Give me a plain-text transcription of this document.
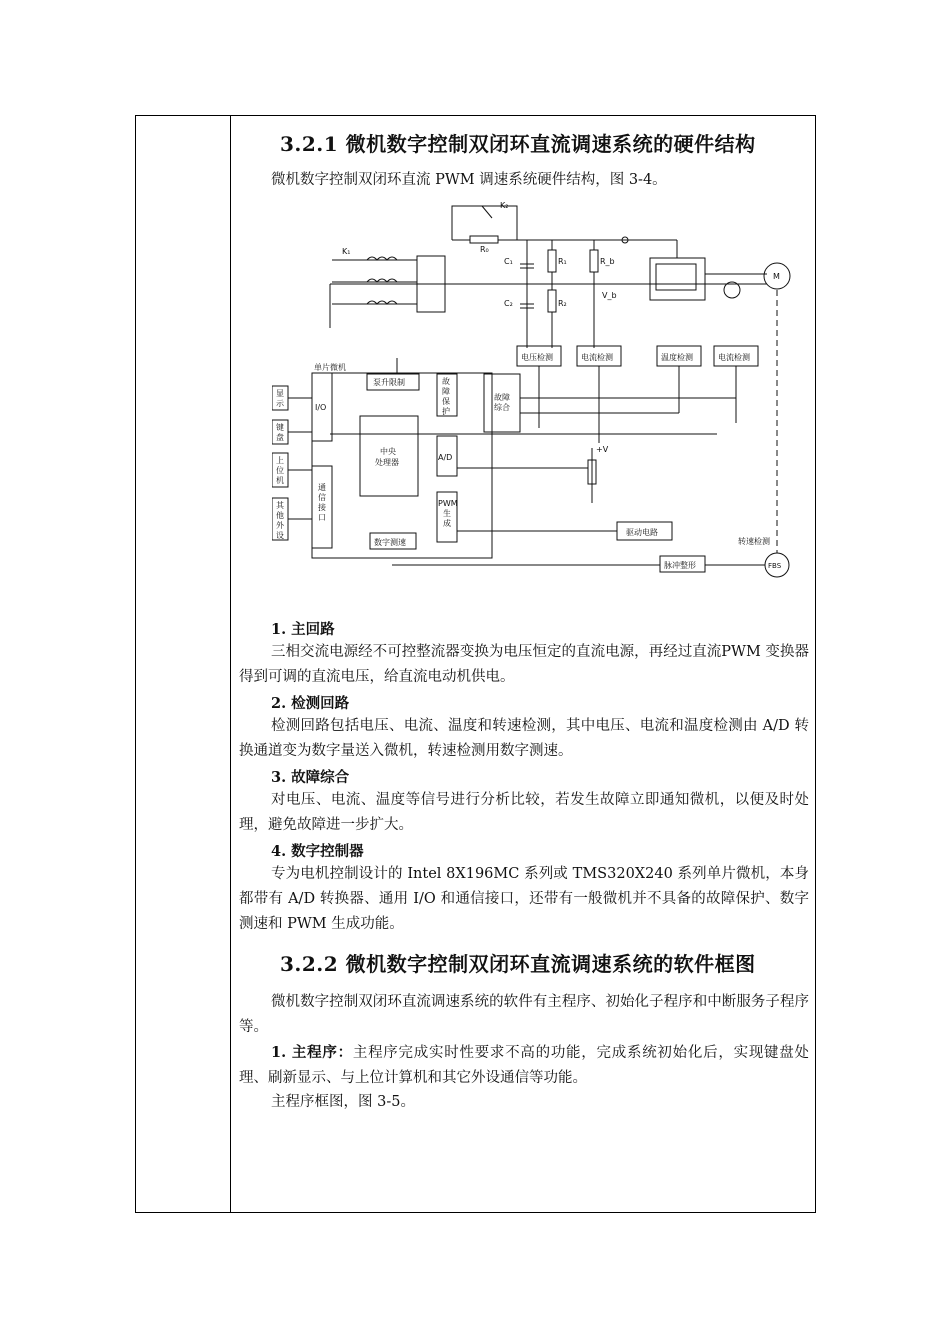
3.2.1 微机数字控制双闭环直流调速系统的硬件结构
微机数字控制双闭环直流 PWM 调速系统硬件结构，图 3-4。
K₁
K₂
R₀
C₁
C₂
R₁
R₂
R_b
V_b
M
电压检测	电流检测	温度检测	电流检测
单片微机
泵升限制	故
障
保
护
故障
综合
I/O
中央
处理器
A/D
通
信
接
口
PWM
生
成
数字测速
显
示
键
盘
上
位
机
其
他
外
设
+V
驱动电路
转速检测
脉冲整形	FBS
1. 主回路
三相交流电源经不可控整流器变换为电压恒定的直流电源，再经过直流PWM 变换器得到可调的直流电压，给直流电动机供电。
2. 检测回路
检测回路包括电压、电流、温度和转速检测，其中电压、电流和温度检测由 A/D 转换通道变为数字量送入微机，转速检测用数字测速。
3. 故障综合
对电压、电流、温度等信号进行分析比较，若发生故障立即通知微机，以便及时处理，避免故障进一步扩大。
4. 数字控制器
专为电机控制设计的 Intel 8X196MC 系列或 TMS320X240 系列单片微机，本身都带有 A/D 转换器、通用 I/O 和通信接口，还带有一般微机并不具备的故障保护、数字测速和 PWM 生成功能。
3.2.2 微机数字控制双闭环直流调速系统的软件框图
微机数字控制双闭环直流调速系统的软件有主程序、初始化子程序和中断服务子程序等。
1. 主程序：主程序完成实时性要求不高的功能，完成系统初始化后，实现键盘处理、刷新显示、与上位计算机和其它外设通信等功能。
主程序框图，图 3-5。
